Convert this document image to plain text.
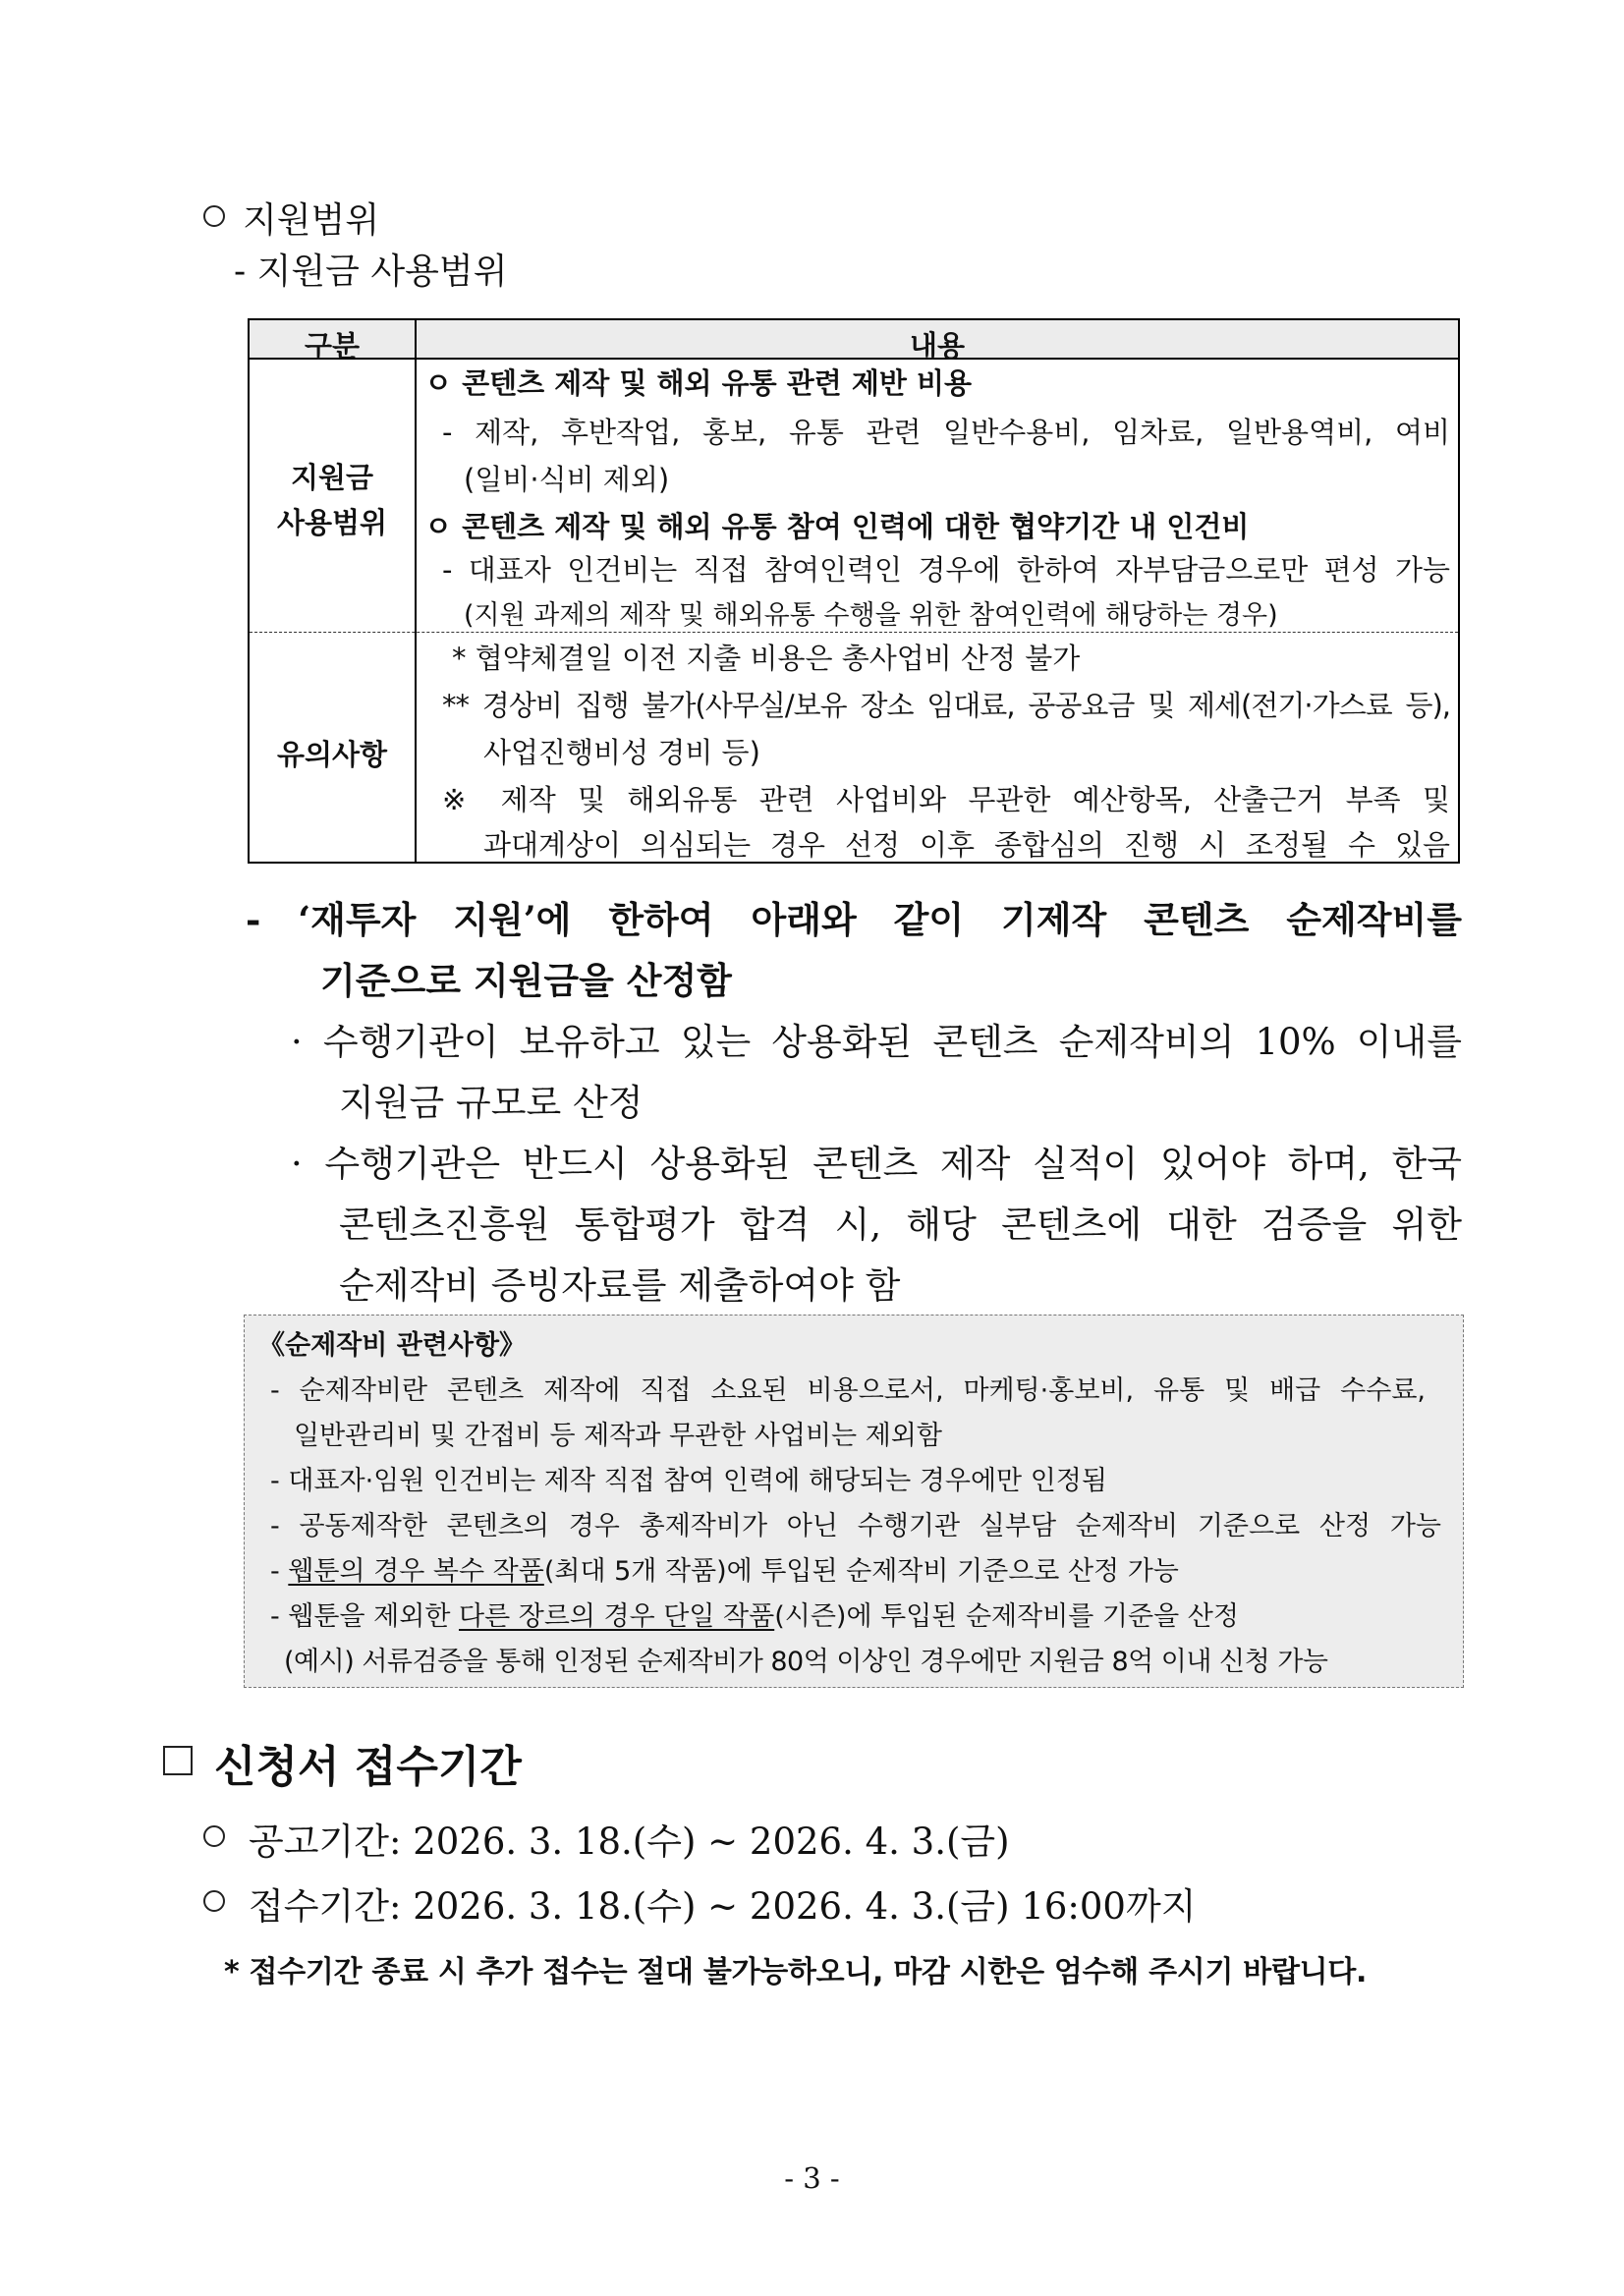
지원범위
- 지원금 사용범위
구분	내용
지원금
사용범위
ㅇ 콘텐츠 제작 및 해외 유통 관련 제반 비용
- 제작, 후반작업, 홍보, 유통 관련 일반수용비, 임차료, 일반용역비, 여비
(일비·식비 제외)
ㅇ 콘텐츠 제작 및 해외 유통 참여 인력에 대한 협약기간 내 인건비
- 대표자 인건비는 직접 참여인력인 경우에 한하여 자부담금으로만 편성 가능
(지원 과제의 제작 및 해외유통 수행을 위한 참여인력에 해당하는 경우)
유의사항
* 협약체결일 이전 지출 비용은 총사업비 산정 불가
** 경상비 집행 불가(사무실/보유 장소 임대료, 공공요금 및 제세(전기·가스료 등),
사업진행비성 경비 등)
※ 제작 및 해외유통 관련 사업비와 무관한 예산항목, 산출근거 부족 및
과대계상이 의심되는 경우 선정 이후 종합심의 진행 시 조정될 수 있음
- ‘재투자 지원’에 한하여 아래와 같이 기제작 콘텐츠 순제작비를
기준으로 지원금을 산정함
· 수행기관이 보유하고 있는 상용화된 콘텐츠 순제작비의 10% 이내를
지원금 규모로 산정
· 수행기관은 반드시 상용화된 콘텐츠 제작 실적이 있어야 하며, 한국
콘텐츠진흥원 통합평가 합격 시, 해당 콘텐츠에 대한 검증을 위한
순제작비 증빙자료를 제출하여야 함
《순제작비 관련사항》
- 순제작비란 콘텐츠 제작에 직접 소요된 비용으로서, 마케팅·홍보비, 유통 및 배급 수수료,
일반관리비 및 간접비 등 제작과 무관한 사업비는 제외함
- 대표자·임원 인건비는 제작 직접 참여 인력에 해당되는 경우에만 인정됨
- 공동제작한 콘텐츠의 경우 총제작비가 아닌 수행기관 실부담 순제작비 기준으로 산정 가능
- 웹툰의 경우 복수 작품(최대 5개 작품)에 투입된 순제작비 기준으로 산정 가능
- 웹툰을 제외한 다른 장르의 경우 단일 작품(시즌)에 투입된 순제작비를 기준을 산정
(예시) 서류검증을 통해 인정된 순제작비가 80억 이상인 경우에만 지원금 8억 이내 신청 가능
신청서 접수기간
공고기간: 2026. 3. 18.(수) ~ 2026. 4. 3.(금)
접수기간: 2026. 3. 18.(수) ~ 2026. 4. 3.(금) 16:00까지
* 접수기간 종료 시 추가 접수는 절대 불가능하오니, 마감 시한은 엄수해 주시기 바랍니다.
- 3 -
